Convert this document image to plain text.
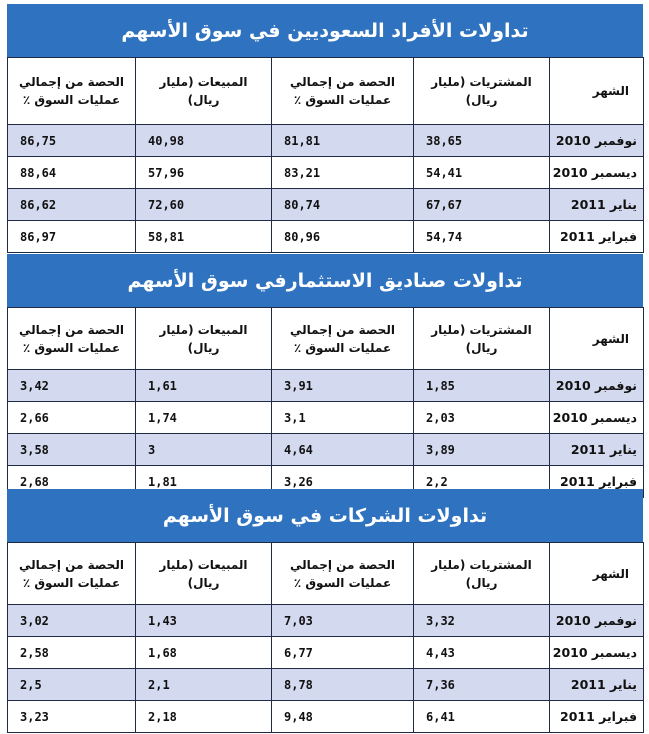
تداولات الأفراد السعوديين في سوق الأسهم
الشهر	المشتريات (مليار ريال)	الحصة من إجمالي عمليات السوق ٪	المبيعات (مليار ريال)	الحصة من إجمالي عمليات السوق ٪
نوفمبر 2010	38,65	81,81	40,98	86,75
ديسمبر 2010	54,41	83,21	57,96	88,64
يناير 2011	67,67	80,74	72,60	86,62
فبراير 2011	54,74	80,96	58,81	86,97
تداولات صناديق الاستثمارفي سوق الأسهم
الشهر	المشتريات (مليار ريال)	الحصة من إجمالي عمليات السوق ٪	المبيعات (مليار ريال)	الحصة من إجمالي عمليات السوق ٪
نوفمبر 2010	1,85	3,91	1,61	3,42
ديسمبر 2010	2,03	3,1	1,74	2,66
يناير 2011	3,89	4,64	3	3,58
فبراير 2011	2,2	3,26	1,81	2,68
تداولات الشركات في سوق الأسهم
الشهر	المشتريات (مليار ريال)	الحصة من إجمالي عمليات السوق ٪	المبيعات (مليار ريال)	الحصة من إجمالي عمليات السوق ٪
نوفمبر 2010	3,32	7,03	1,43	3,02
ديسمبر 2010	4,43	6,77	1,68	2,58
يناير 2011	7,36	8,78	2,1	2,5
فبراير 2011	6,41	9,48	2,18	3,23
